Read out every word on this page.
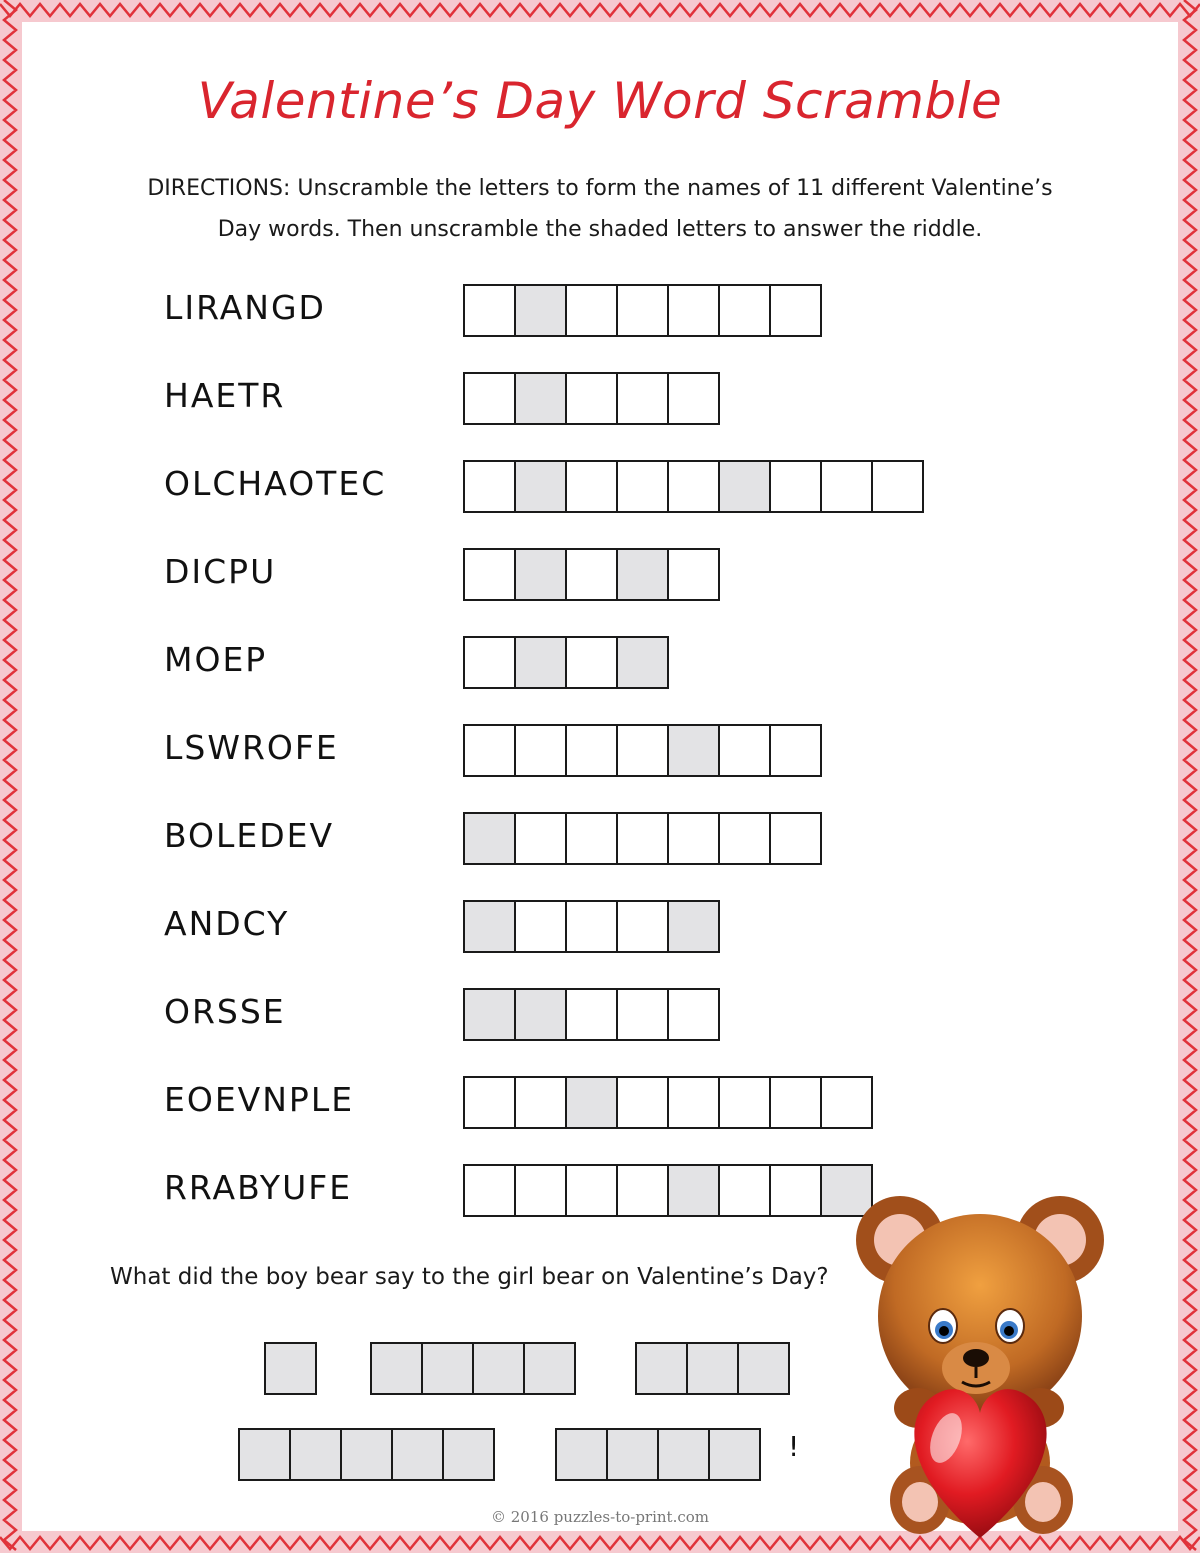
Valentine’s Day Word Scramble
DIRECTIONS: Unscramble the letters to form the names of 11 different Valentine’s
Day words. Then unscramble the shaded letters to answer the riddle.
LIRANGD
HAETR
OLCHAOTEC
DICPU
MOEP
LSWROFE
BOLEDEV
ANDCY
ORSSE
EOEVNPLE
RRABYUFE
What did the boy bear say to the girl bear on Valentine’s Day?
!
© 2016 puzzles-to-print.com
